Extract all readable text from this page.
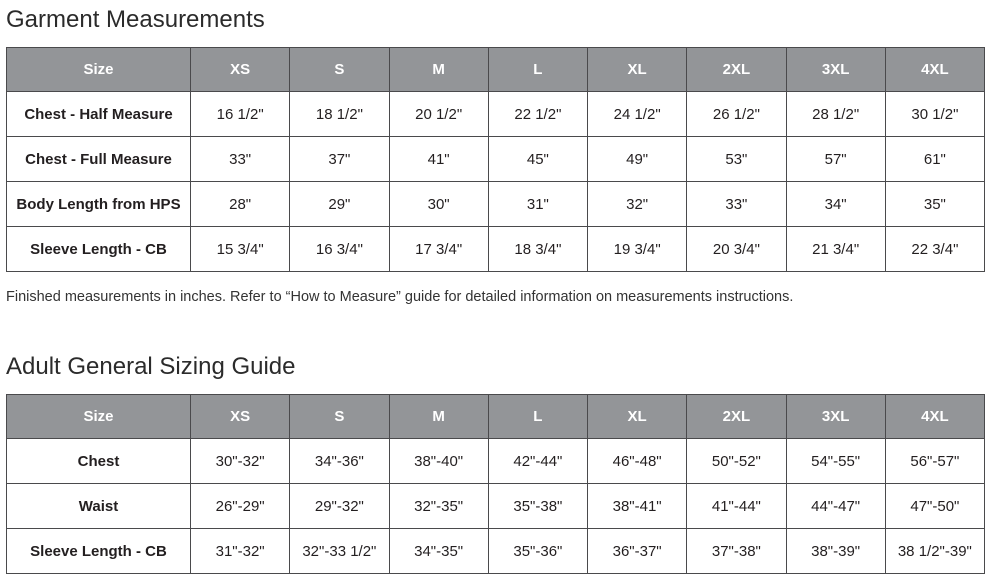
Garment Measurements
Size	XS	S	M	L	XL	2XL	3XL	4XL
Chest - Half Measure	16 1/2"	18 1/2"	20 1/2"	22 1/2"	24 1/2"	26 1/2"	28 1/2"	30 1/2"
Chest - Full Measure	33"	37"	41"	45"	49"	53"	57"	61"
Body Length from HPS	28"	29"	30"	31"	32"	33"	34"	35"
Sleeve Length - CB	15 3/4"	16 3/4"	17 3/4"	18 3/4"	19 3/4"	20 3/4"	21 3/4"	22 3/4"

Finished measurements in inches. Refer to “How to Measure” guide for detailed information on measurements instructions.

Adult General Sizing Guide
Size	XS	S	M	L	XL	2XL	3XL	4XL
Chest	30"-32"	34"-36"	38"-40"	42"-44"	46"-48"	50"-52"	54"-55"	56"-57"
Waist	26"-29"	29"-32"	32"-35"	35"-38"	38"-41"	41"-44"	44"-47"	47"-50"
Sleeve Length - CB	31"-32"	32"-33 1/2"	34"-35"	35"-36"	36"-37"	37"-38"	38"-39"	38 1/2"-39"
